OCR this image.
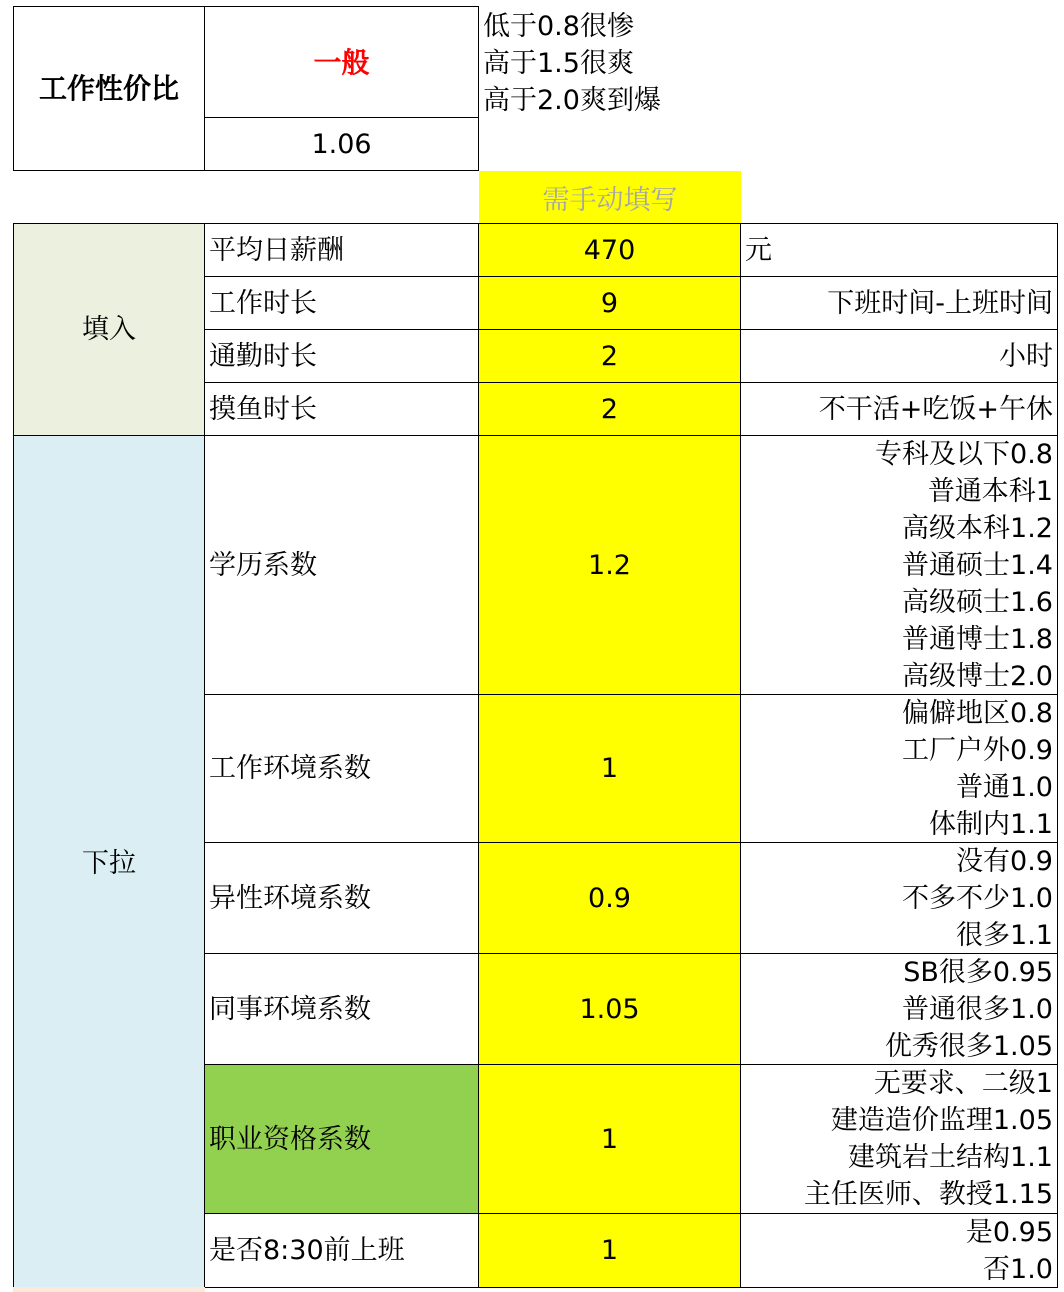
工作性价比
一般
1.06
低于0.8很惨
高于1.5很爽
高于2.0爽到爆
需手动填写
填入
下拉
平均日薪酬	470	元
工作时长	9	下班时间-上班时间
通勤时长	2	小时
摸鱼时长	2	不干活+吃饭+午休
学历系数	1.2
专科及以下0.8
普通本科1
高级本科1.2
普通硕士1.4
高级硕士1.6
普通博士1.8
高级博士2.0
工作环境系数	1
偏僻地区0.8
工厂户外0.9
普通1.0
体制内1.1
异性环境系数	0.9
没有0.9
不多不少1.0
很多1.1
同事环境系数	1.05
SB很多0.95
普通很多1.0
优秀很多1.05
职业资格系数	1
无要求、二级1
建造造价监理1.05
建筑岩土结构1.1
主任医师、教授1.15
是否8:30前上班	1
是0.95
否1.0
